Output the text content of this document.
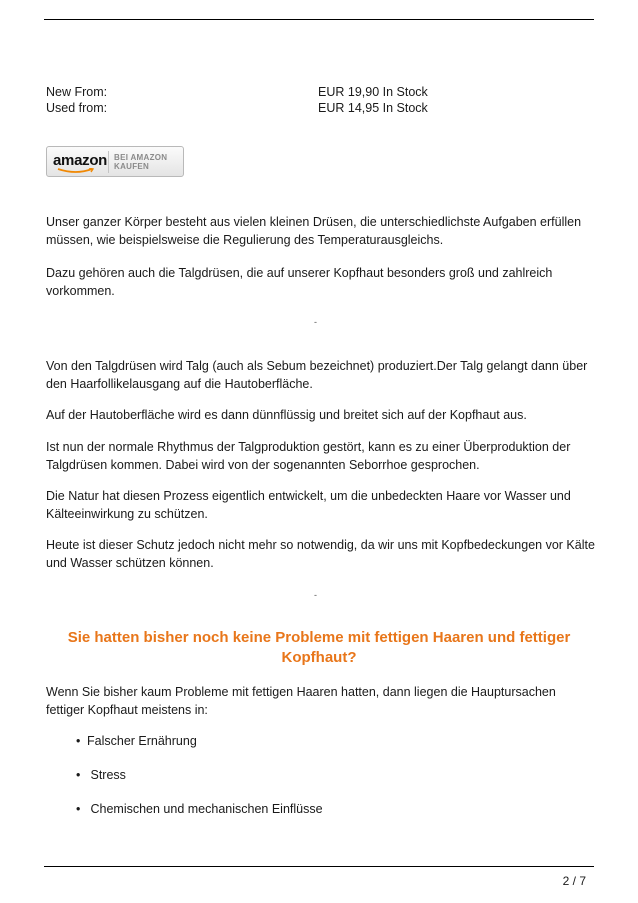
New From:	EUR 19,90 In Stock
Used from:	EUR 14,95 In Stock
amazon BEI AMAZON
KAUFEN

Unser ganzer Körper besteht aus vielen kleinen Drüsen, die unterschiedlichste Aufgaben erfüllen müssen, wie beispielsweise die Regulierung des Temperaturausgleichs.

Dazu gehören auch die Talgdrüsen, die auf unserer Kopfhaut besonders groß und zahlreich vorkommen.

-

Von den Talgdrüsen wird Talg (auch als Sebum bezeichnet) produziert.Der Talg gelangt dann über den Haarfollikelausgang auf die Hautoberfläche.

Auf der Hautoberfläche wird es dann dünnflüssig und breitet sich auf der Kopfhaut aus.

Ist nun der normale Rhythmus der Talgproduktion gestört, kann es zu einer Überproduktion der Talgdrüsen kommen. Dabei wird von der sogenannten Seborrhoe gesprochen.

Die Natur hat diesen Prozess eigentlich entwickelt, um die unbedeckten Haare vor Wasser und Kälteeinwirkung zu schützen.

Heute ist dieser Schutz jedoch nicht mehr so notwendig, da wir uns mit Kopfbedeckungen vor Kälte und Wasser schützen können.

-
Sie hatten bisher noch keine Probleme mit fettigen Haaren und fettiger Kopfhaut?

Wenn Sie bisher kaum Probleme mit fettigen Haaren hatten, dann liegen die Hauptursachen fettiger Kopfhaut meistens in:

• Falscher Ernährung
• Stress
• Chemischen und mechanischen Einflüsse
2 / 7
